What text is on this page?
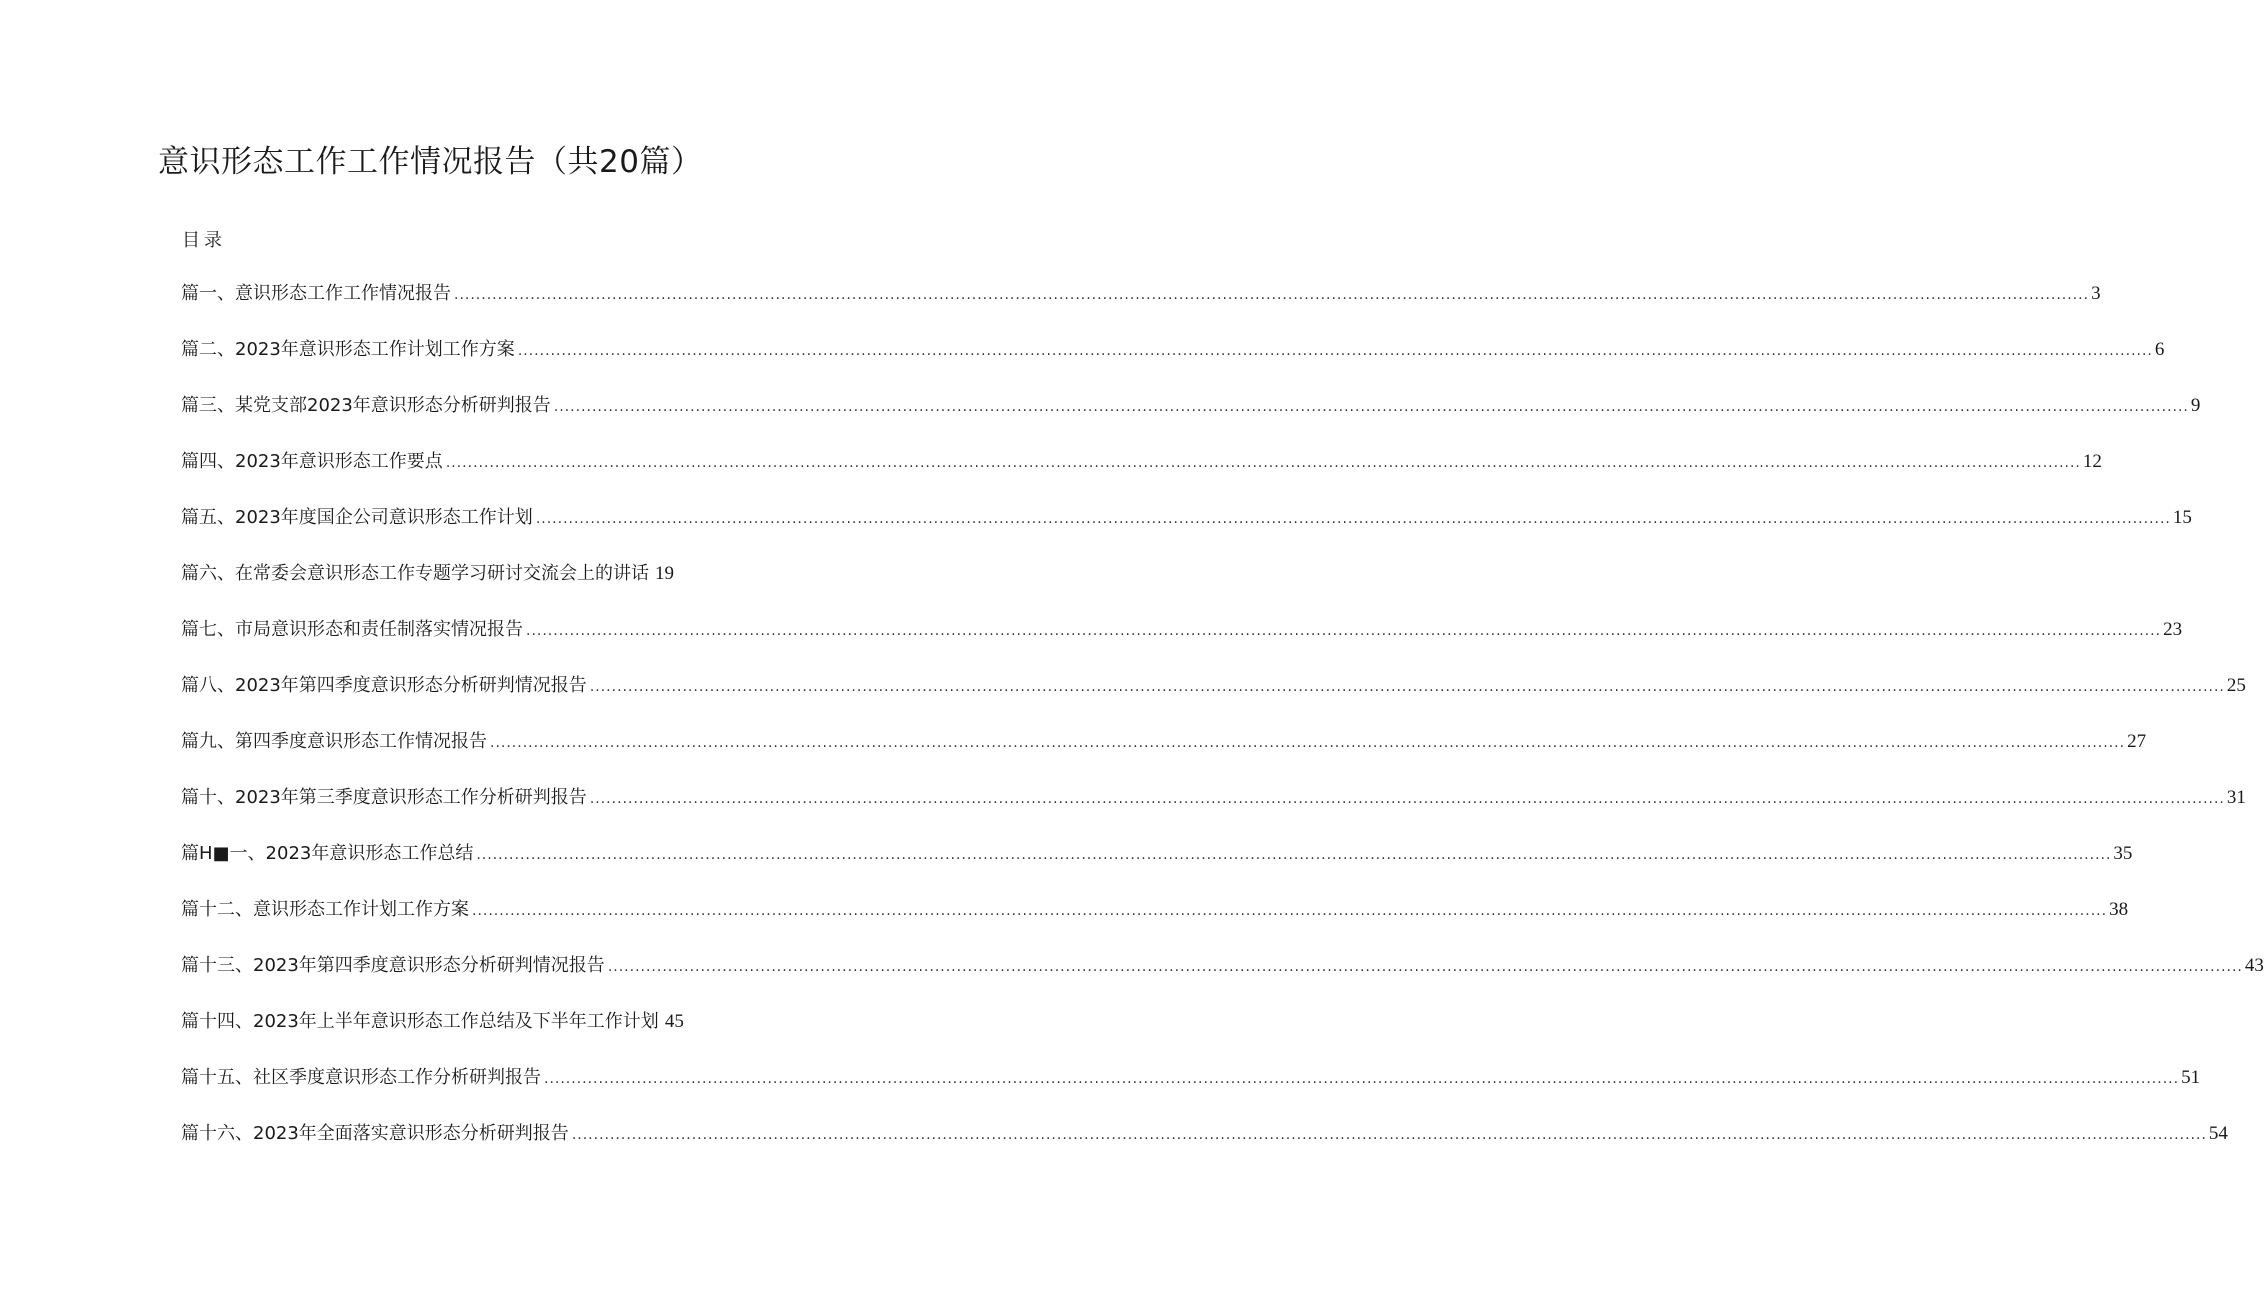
意识形态工作工作情况报告（共20篇）
目录
篇一、意识形态工作工作情况报告 ............................................................................................................................................................................................................................................................................................................ 3
篇二、2023年意识形态工作计划工作方案 ............................................................................................................................................................................................................................................................................................................ 6
篇三、某党支部2023年意识形态分析研判报告 ............................................................................................................................................................................................................................................................................................................ 9
篇四、2023年意识形态工作要点 ............................................................................................................................................................................................................................................................................................................ 12
篇五、2023年度国企公司意识形态工作计划 ............................................................................................................................................................................................................................................................................................................ 15
篇六、在常委会意识形态工作专题学习研讨交流会上的讲话 19
篇七、市局意识形态和责任制落实情况报告 ............................................................................................................................................................................................................................................................................................................ 23
篇八、2023年第四季度意识形态分析研判情况报告 ............................................................................................................................................................................................................................................................................................................ 25
篇九、第四季度意识形态工作情况报告 ............................................................................................................................................................................................................................................................................................................ 27
篇十、2023年第三季度意识形态工作分析研判报告 ............................................................................................................................................................................................................................................................................................................ 31
篇H■一、2023年意识形态工作总结 ............................................................................................................................................................................................................................................................................................................ 35
篇十二、意识形态工作计划工作方案 ............................................................................................................................................................................................................................................................................................................ 38
篇十三、2023年第四季度意识形态分析研判情况报告 ............................................................................................................................................................................................................................................................................................................ 43
篇十四、2023年上半年意识形态工作总结及下半年工作计划 45
篇十五、社区季度意识形态工作分析研判报告 ............................................................................................................................................................................................................................................................................................................ 51
篇十六、2023年全面落实意识形态分析研判报告 ............................................................................................................................................................................................................................................................................................................ 54
